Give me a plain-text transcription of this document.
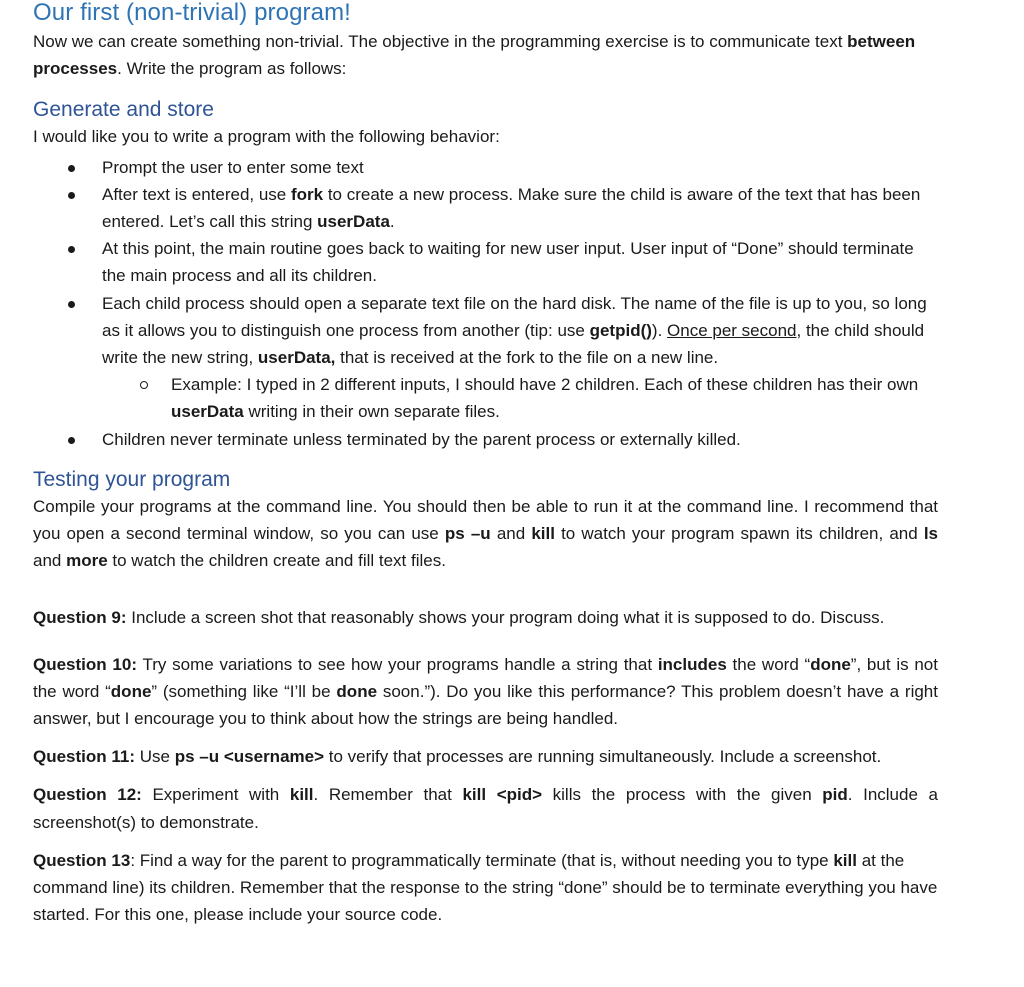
Our first (non-trivial) program!

Now we can create something non-trivial. The objective in the programming exercise is to communicate text between processes. Write the program as follows:

Generate and store

I would like you to write a program with the following behavior:

Prompt the user to enter some text
After text is entered, use fork to create a new process. Make sure the child is aware of the text that has been entered. Let’s call this string userData.
At this point, the main routine goes back to waiting for new user input. User input of “Done” should terminate the main process and all its children.
Each child process should open a separate text file on the hard disk. The name of the file is up to you, so long as it allows you to distinguish one process from another (tip: use getpid()). Once per second, the child should write the new string, userData, that is received at the fork to the file on a new line.
Example: I typed in 2 different inputs, I should have 2 children. Each of these children has their own userData writing in their own separate files.
Children never terminate unless terminated by the parent process or externally killed.
Testing your program

Compile your programs at the command line. You should then be able to run it at the command line. I recommend that you open a second terminal window, so you can use ps –u and kill to watch your program spawn its children, and ls and more to watch the children create and fill text files.

Question 9: Include a screen shot that reasonably shows your program doing what it is supposed to do. Discuss.

Question 10: Try some variations to see how your programs handle a string that includes the word “done”, but is not the word “done” (something like “I’ll be done soon.”). Do you like this performance? This problem doesn’t have a right answer, but I encourage you to think about how the strings are being handled.

Question 11: Use ps –u <username> to verify that processes are running simultaneously. Include a screenshot.

Question 12: Experiment with kill. Remember that kill <pid> kills the process with the given pid. Include a screenshot(s) to demonstrate.

Question 13: Find a way for the parent to programmatically terminate (that is, without needing you to type kill at the command line) its children. Remember that the response to the string “done” should be to terminate everything you have started. For this one, please include your source code.
